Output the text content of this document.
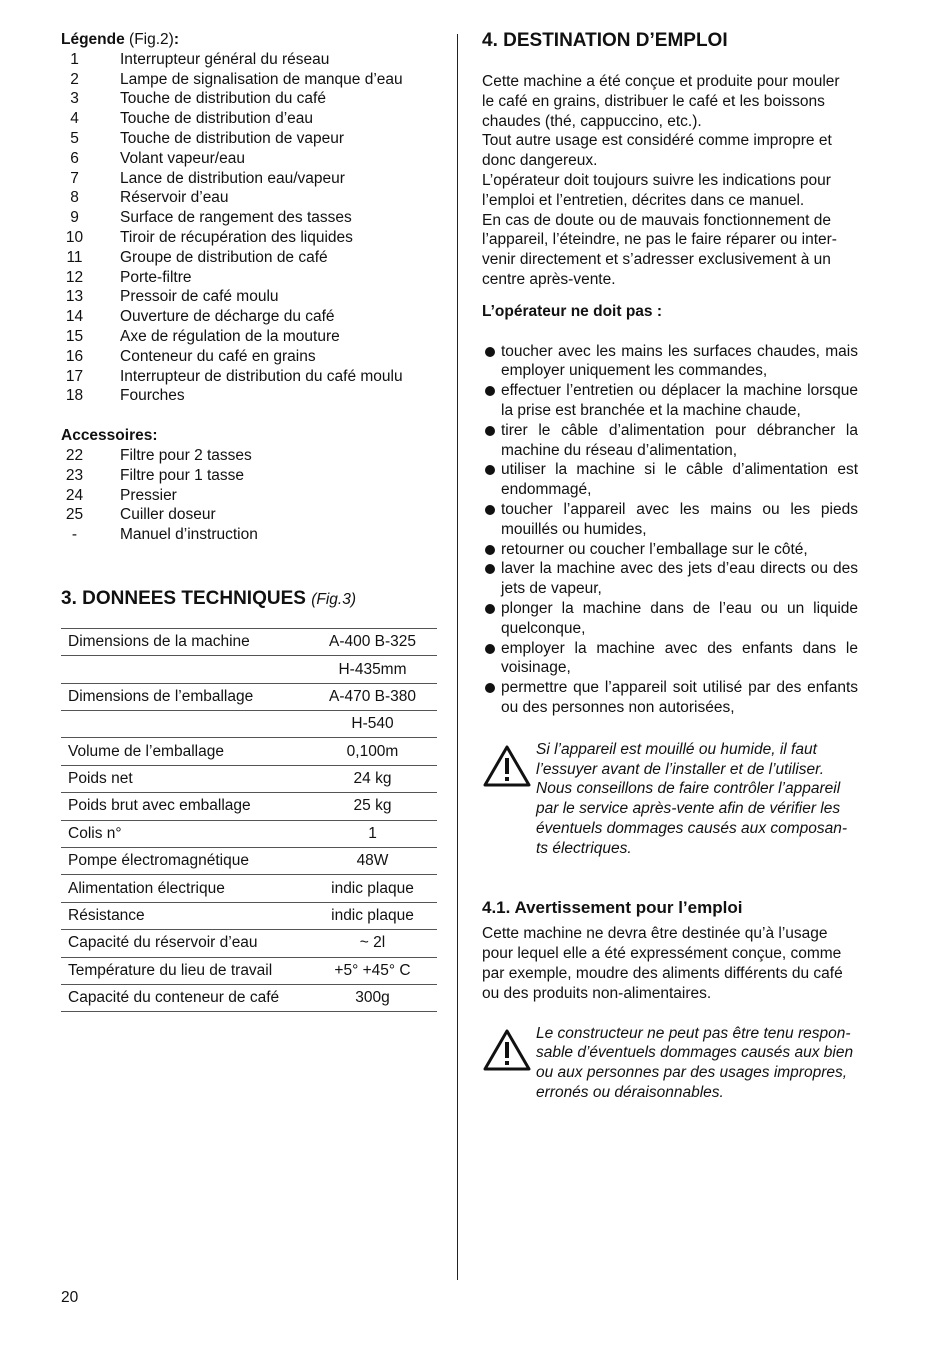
Légende (Fig.2):
1	Interrupteur général du réseau
2	Lampe de signalisation de manque d’eau
3	Touche de distribution du café
4	Touche de distribution d’eau
5	Touche de distribution de vapeur
6	Volant vapeur/eau
7	Lance de distribution eau/vapeur
8	Réservoir d’eau
9	Surface de rangement des tasses
10	Tiroir de récupération des liquides
11	Groupe de distribution de café
12	Porte-filtre
13	Pressoir de café moulu
14	Ouverture de décharge du café
15	Axe de régulation de la mouture
16	Conteneur du café en grains
17	Interrupteur de distribution du café moulu
18	Fourches
Accessoires:
22	Filtre pour 2 tasses
23	Filtre pour 1 tasse
24	Pressier
25	Cuiller doseur
-	Manuel d’instruction
3. DONNEES TECHNIQUES (Fig.3)
Dimensions de la machine	A-400 B-325
	H-435mm
Dimensions de l’emballage	A-470 B-380
	H-540
Volume de l’emballage	0,100m
Poids net	24 kg
Poids brut avec emballage	25 kg
Colis n°	1
Pompe électromagnétique	48W
Alimentation électrique	indic plaque
Résistance	indic plaque
Capacité du réservoir d’eau	~ 2l
Température du lieu de travail	+5° +45° C
Capacité du conteneur de café	300g
4. DESTINATION D’EMPLOI
Cette machine a été conçue et produite pour mouler
le café en grains, distribuer le café et les boissons
chaudes (thé, cappuccino, etc.).
Tout autre usage est considéré comme impropre et
donc dangereux.
L’opérateur doit toujours suivre les indications pour
l’emploi et l’entretien, décrites dans ce manuel.
En cas de doute ou de mauvais fonctionnement de
l’appareil, l’éteindre, ne pas le faire réparer ou inter-
venir directement et s’adresser exclusivement à un
centre après-vente.
L’opérateur ne doit pas :
toucher avec les mains les surfaces chaudes, mais employer uniquement les commandes,
effectuer l’entretien ou déplacer la machine lorsque la prise est branchée et la machine chaude,
tirer le câble d’alimentation pour débrancher la machine du réseau d’alimentation,
utiliser la machine si le câble d’alimentation est endommagé,
toucher l’appareil avec les mains ou les pieds mouillés ou humides,
retourner ou coucher l’emballage sur le côté,
laver la machine avec des jets d’eau directs ou des jets de vapeur,
plonger la machine dans de l’eau ou un liquide quelconque,
employer la machine avec des enfants dans le voisinage,
permettre que l’appareil soit utilisé par des enfants ou des personnes non autorisées,
Si l’appareil est mouillé ou humide, il faut
l’essuyer avant de l’installer et de l’utiliser.
Nous conseillons de faire contrôler l’appareil
par le service après-vente afin de vérifier les
éventuels dommages causés aux composan-
ts électriques.
4.1. Avertissement pour l’emploi
Cette machine ne devra être destinée qu’à l’usage
pour lequel elle a été expressément conçue, comme
par exemple, moudre des aliments différents du café
ou des produits non-alimentaires.
Le constructeur ne peut pas être tenu respon-
sable d’éventuels dommages causés aux bien
ou aux personnes par des usages impropres,
erronés ou déraisonnables.
20
